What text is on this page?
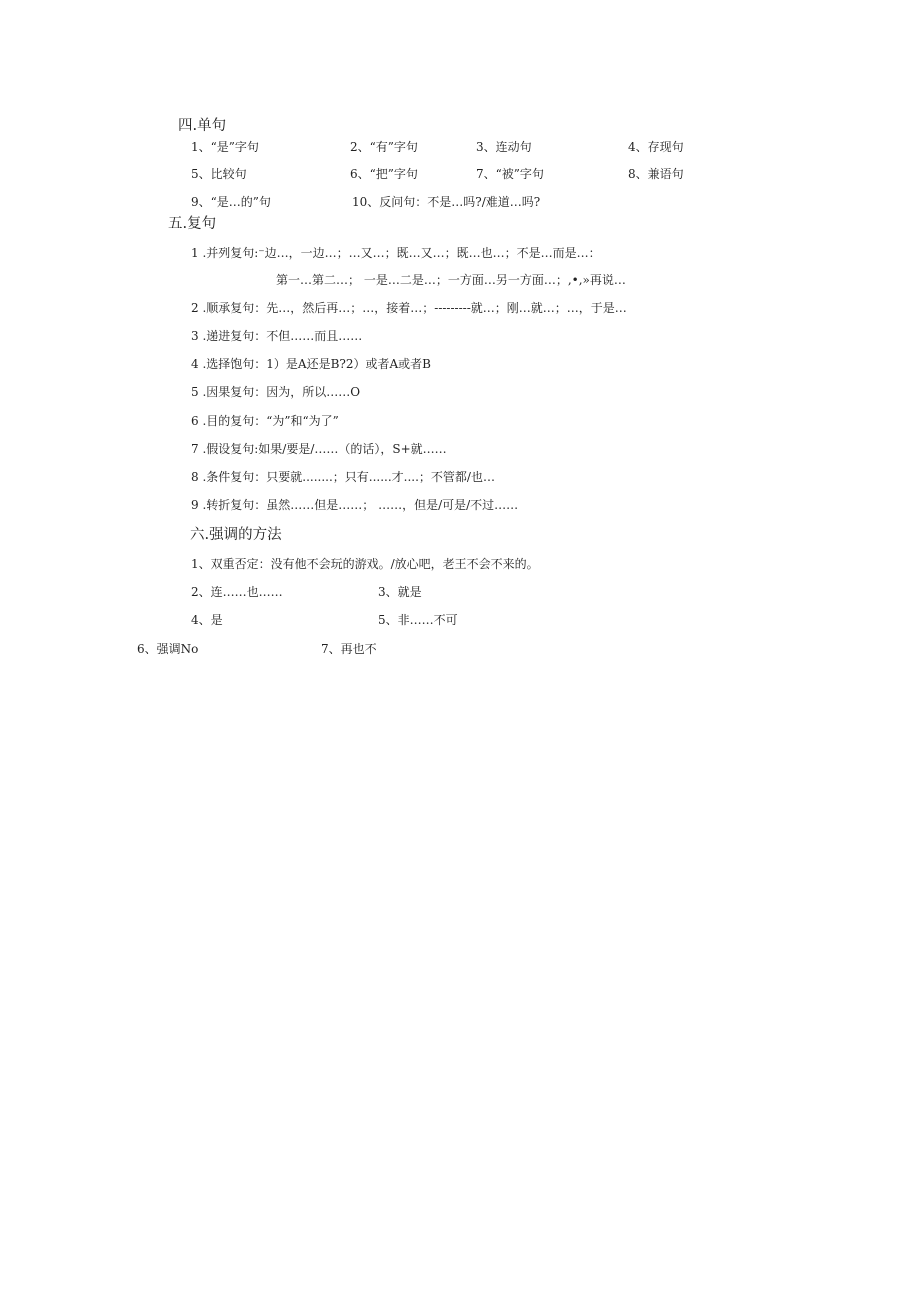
四.单句
1、“是”字句	2、“有”字句	3、连动句	4、存现句
5、比较句	6、“把”字句	7、“被”字句	8、兼语句
9、“是…的”句	10、反问句：不是…吗?/难道…吗?
五.复句
1 .并列复句:⁻边…，一边…；…又…；既…又…；既…也…；不是…而是…：
第一…第二…； 一是…二是…；一方面…另一方面…；,•,»再说…
2 .顺承复句：先…，然后再…；…，接着…；---------就…；刚…就…；…，于是…
3 .递进复句：不但……而且……
4 .选择饱句：1）是A还是B?2）或者A或者B
5 .因果复句：因为，所以……O
6 .目的复句：“为”和“为了”
7 .假设复句:如果/要是/……（的话），S+就……
8 .条件复句：只要就........；只有......才....；不管都/也…
9 .转折复句：虽然……但是……； ……，但是/可是/不过……
六.强调的方法
1、双重否定：没有他不会玩的游戏。/放心吧，老王不会不来的。
2、连……也……	3、就是
4、是	5、非……不可
6、强调No	7、再也不
